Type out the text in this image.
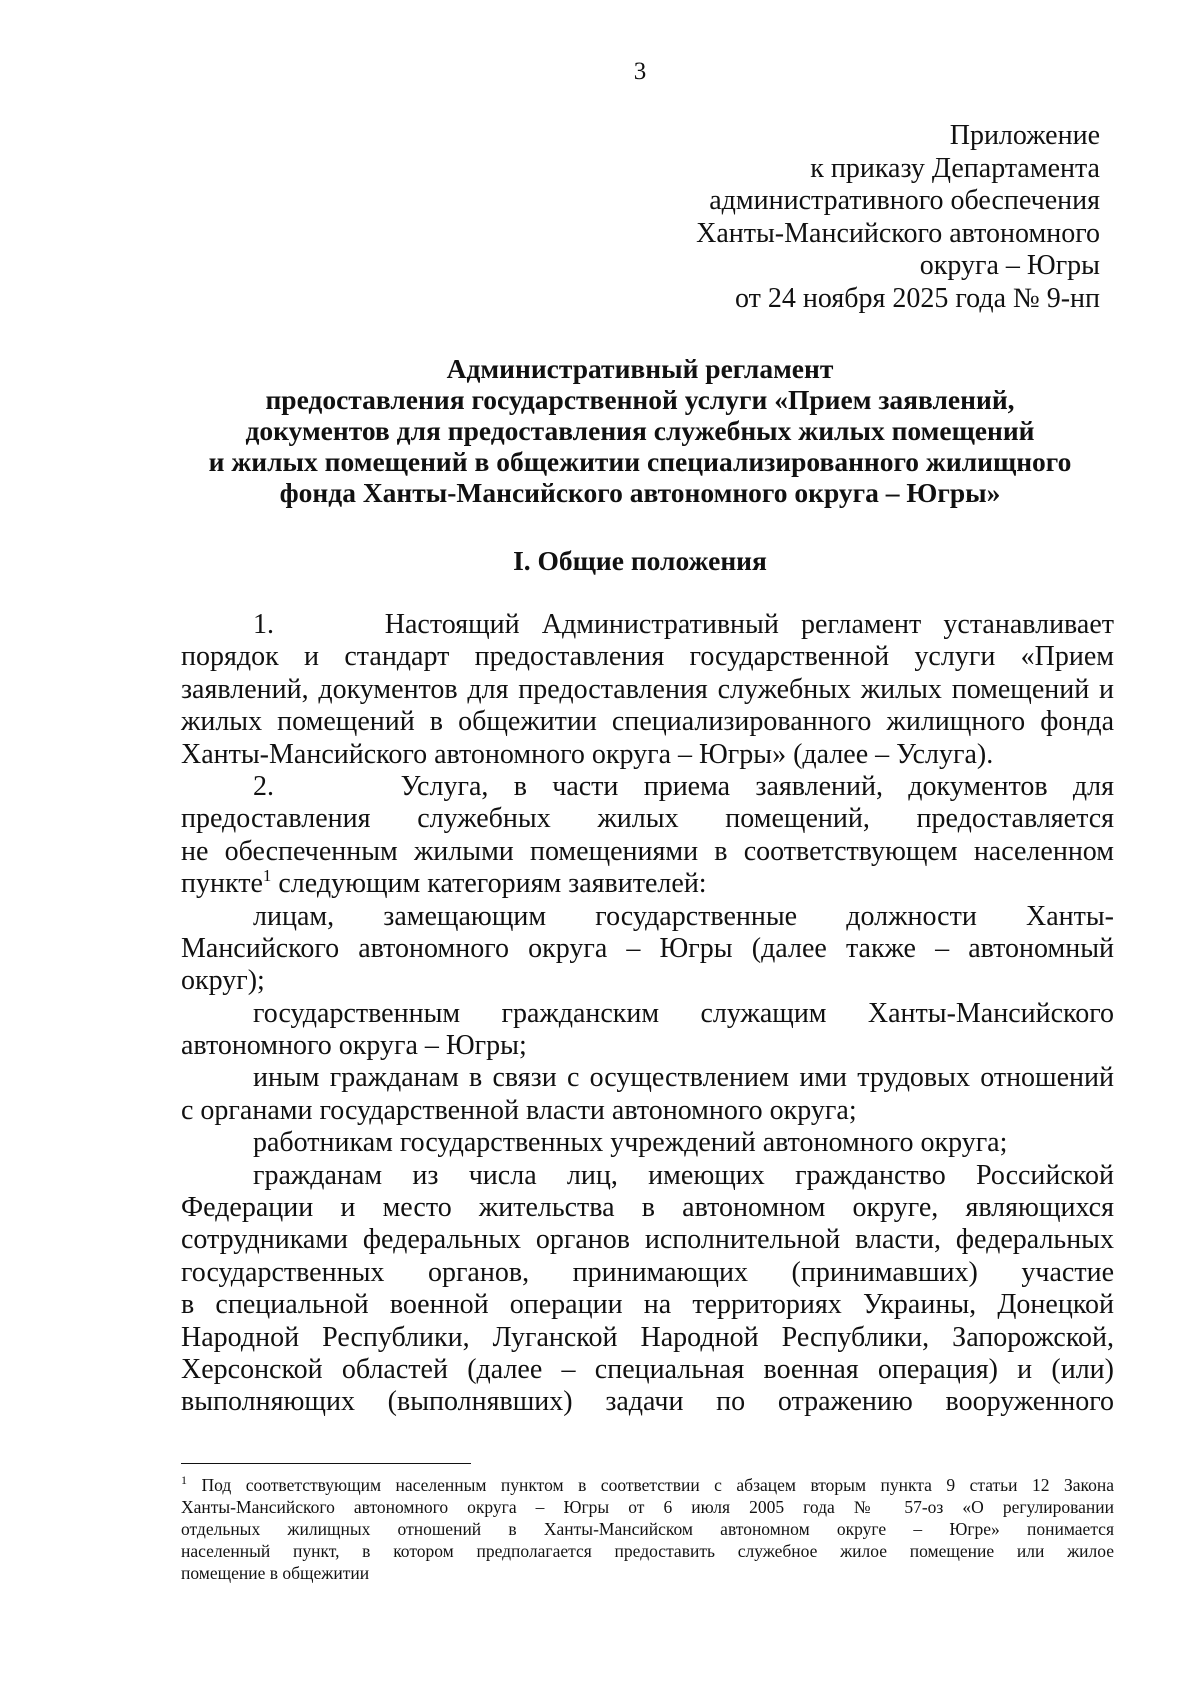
3
Приложение
к приказу Департамента
административного обеспечения
Ханты-Мансийского автономного
округа – Югры
от 24 ноября 2025 года № 9-нп
Административный регламент
предоставления государственной услуги «Прием заявлений,
документов для предоставления служебных жилых помещений
и жилых помещений в общежитии специализированного жилищного
фонда Ханты-Мансийского автономного округа – Югры»
I. Общие положения
1.     Настоящий Административный регламент устанавливает
порядок и стандарт предоставления государственной услуги «Прием
заявлений, документов для предоставления служебных жилых помещений и
жилых помещений в общежитии специализированного жилищного фонда
Ханты-Мансийского автономного округа – Югры» (далее – Услуга).
2.     Услуга, в части приема заявлений, документов для
предоставления служебных жилых помещений, предоставляется
не обеспеченным жилыми помещениями в соответствующем населенном
пункте$^1$ следующим категориям заявителей:
лицам, замещающим государственные должности Ханты-
Мансийского автономного округа – Югры (далее также – автономный
округ);
государственным гражданским служащим Ханты-Мансийского
автономного округа – Югры;
иным гражданам в связи с осуществлением ими трудовых отношений
с органами государственной власти автономного округа;
работникам государственных учреждений автономного округа;
гражданам из числа лиц, имеющих гражданство Российской
Федерации и место жительства в автономном округе, являющихся
сотрудниками федеральных органов исполнительной власти, федеральных
государственных органов, принимающих (принимавших) участие
в специальной военной операции на территориях Украины, Донецкой
Народной Республики, Луганской Народной Республики, Запорожской,
Херсонской областей (далее – специальная военная операция) и (или)
выполняющих (выполнявших) задачи по отражению вооруженного
$^1$ Под соответствующим населенным пунктом в соответствии с абзацем вторым пункта 9 статьи 12 Закона
Ханты-Мансийского автономного округа – Югры от 6 июля 2005 года № 57-оз «О регулировании
отдельных жилищных отношений в Ханты-Мансийском автономном округе – Югре» понимается
населенный пункт, в котором предполагается предоставить служебное жилое помещение или жилое
помещение в общежитии
